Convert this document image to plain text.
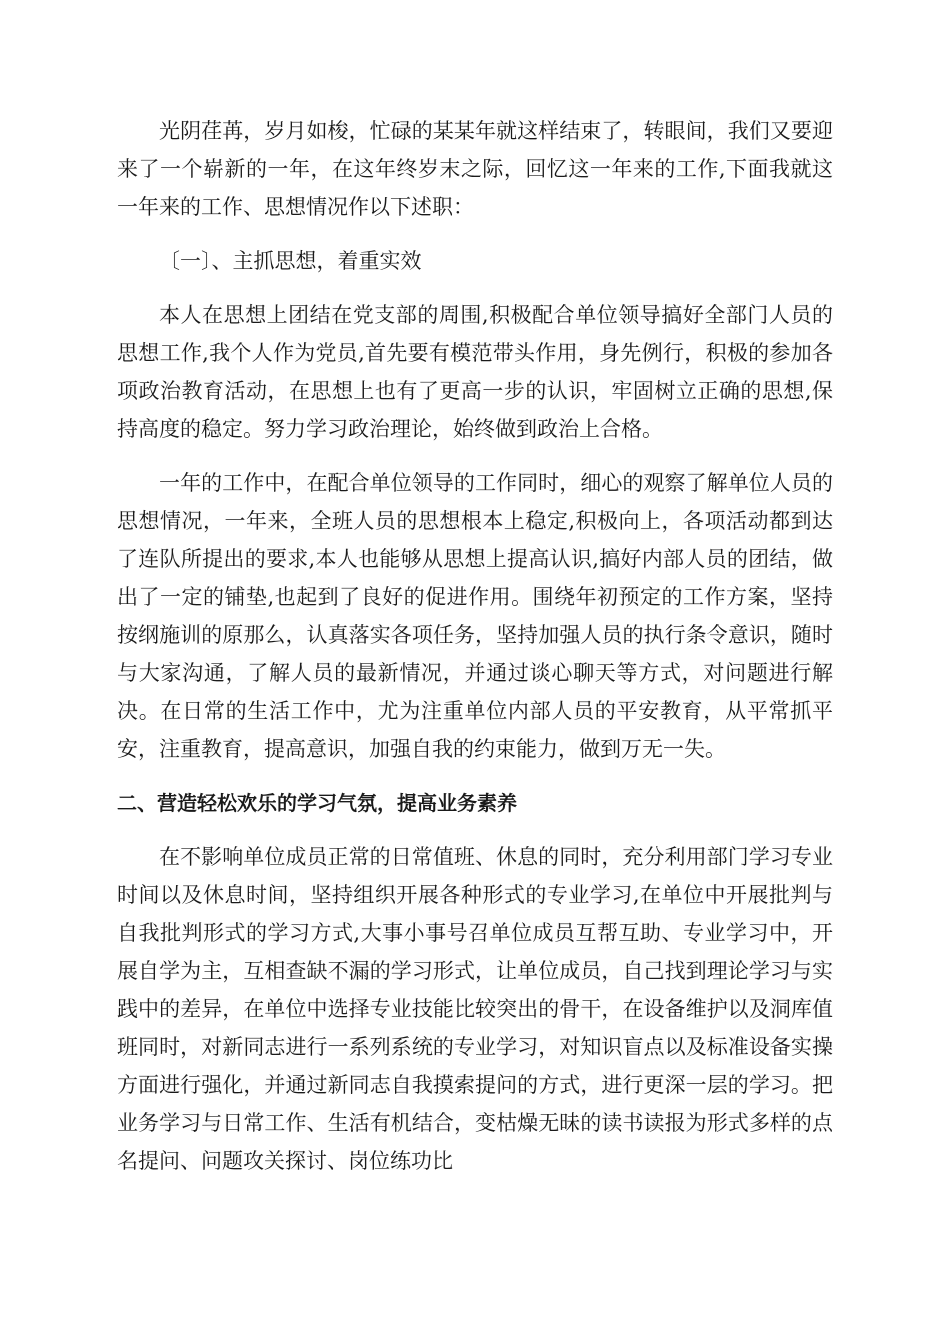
光阴荏苒，岁月如梭，忙碌的某某年就这样结束了，转眼间，我们又要迎来了一个崭新的一年，在这年终岁末之际，回忆这一年来的工作,下面我就这一年来的工作、思想情况作以下述职：

〔一〕、主抓思想，着重实效

本人在思想上团结在党支部的周围,积极配合单位领导搞好全部门人员的思想工作,我个人作为党员,首先要有模范带头作用，身先例行，积极的参加各项政治教育活动，在思想上也有了更高一步的认识，牢固树立正确的思想,保持高度的稳定。努力学习政治理论，始终做到政治上合格。

一年的工作中，在配合单位领导的工作同时，细心的观察了解单位人员的思想情况，一年来，全班人员的思想根本上稳定,积极向上，各项活动都到达了连队所提出的要求,本人也能够从思想上提高认识,搞好内部人员的团结，做出了一定的铺垫,也起到了良好的促进作用。围绕年初预定的工作方案，坚持按纲施训的原那么，认真落实各项任务，坚持加强人员的执行条令意识，随时与大家沟通，了解人员的最新情况，并通过谈心聊天等方式，对问题进行解决。在日常的生活工作中，尤为注重单位内部人员的平安教育，从平常抓平安，注重教育，提高意识，加强自我的约束能力，做到万无一失。

二、营造轻松欢乐的学习气氛，提高业务素养

在不影响单位成员正常的日常值班、休息的同时，充分利用部门学习专业时间以及休息时间，坚持组织开展各种形式的专业学习,在单位中开展批判与自我批判形式的学习方式,大事小事号召单位成员互帮互助、专业学习中，开展自学为主，互相查缺不漏的学习形式，让单位成员，自己找到理论学习与实践中的差异，在单位中选择专业技能比较突出的骨干，在设备维护以及洞库值班同时，对新同志进行一系列系统的专业学习，对知识盲点以及标准设备实操方面进行强化，并通过新同志自我摸索提问的方式，进行更深一层的学习。把业务学习与日常工作、生活有机结合，变枯燥无昧的读书读报为形式多样的点名提问、问题攻关探讨、岗位练功比
